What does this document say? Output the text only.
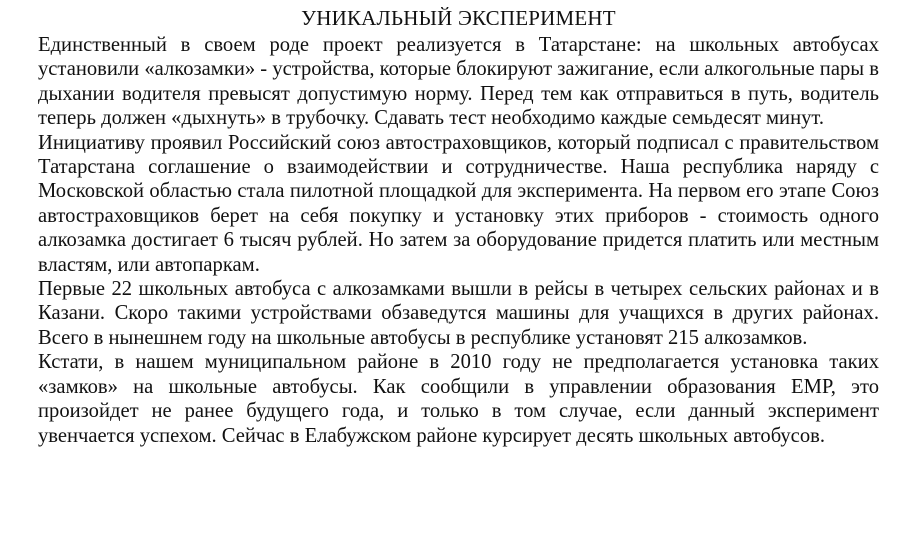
УНИКАЛЬНЫЙ ЭКСПЕРИМЕНТ

Единственный в своем роде проект реализуется в Татарстане: на школьных автобусах установили «алкозамки» - устройства, которые блокируют зажигание, если алкогольные пары в дыхании водителя превысят допустимую норму. Перед тем как отправиться в путь, водитель теперь должен «дыхнуть» в трубочку. Сдавать тест необходимо каждые семьдесят минут.

Инициативу проявил Российский союз автостраховщиков, который подписал с правительством Татарстана соглашение о взаимодействии и сотрудничестве. Наша республика наряду с Московской областью стала пилотной площадкой для эксперимента. На первом его этапе Союз автостраховщиков берет на себя покупку и установку этих приборов - стоимость одного алкозамка достигает 6 тысяч рублей. Но затем за оборудование придется платить или местным властям, или автопаркам.

Первые 22 школьных автобуса с алкозамками вышли в рейсы в четырех сельских районах и в Казани. Скоро такими устройствами обзаведутся машины для учащихся в других районах. Всего в нынешнем году на школьные автобусы в республике установят 215 алкозамков.

Кстати, в нашем муниципальном районе в 2010 году не предполагается установка таких «замков» на школьные автобусы. Как сообщили в управлении образования ЕМР, это произойдет не ранее будущего года, и только в том случае, если данный эксперимент увенчается успехом. Сейчас в Елабужском районе курсирует десять школьных автобусов.
